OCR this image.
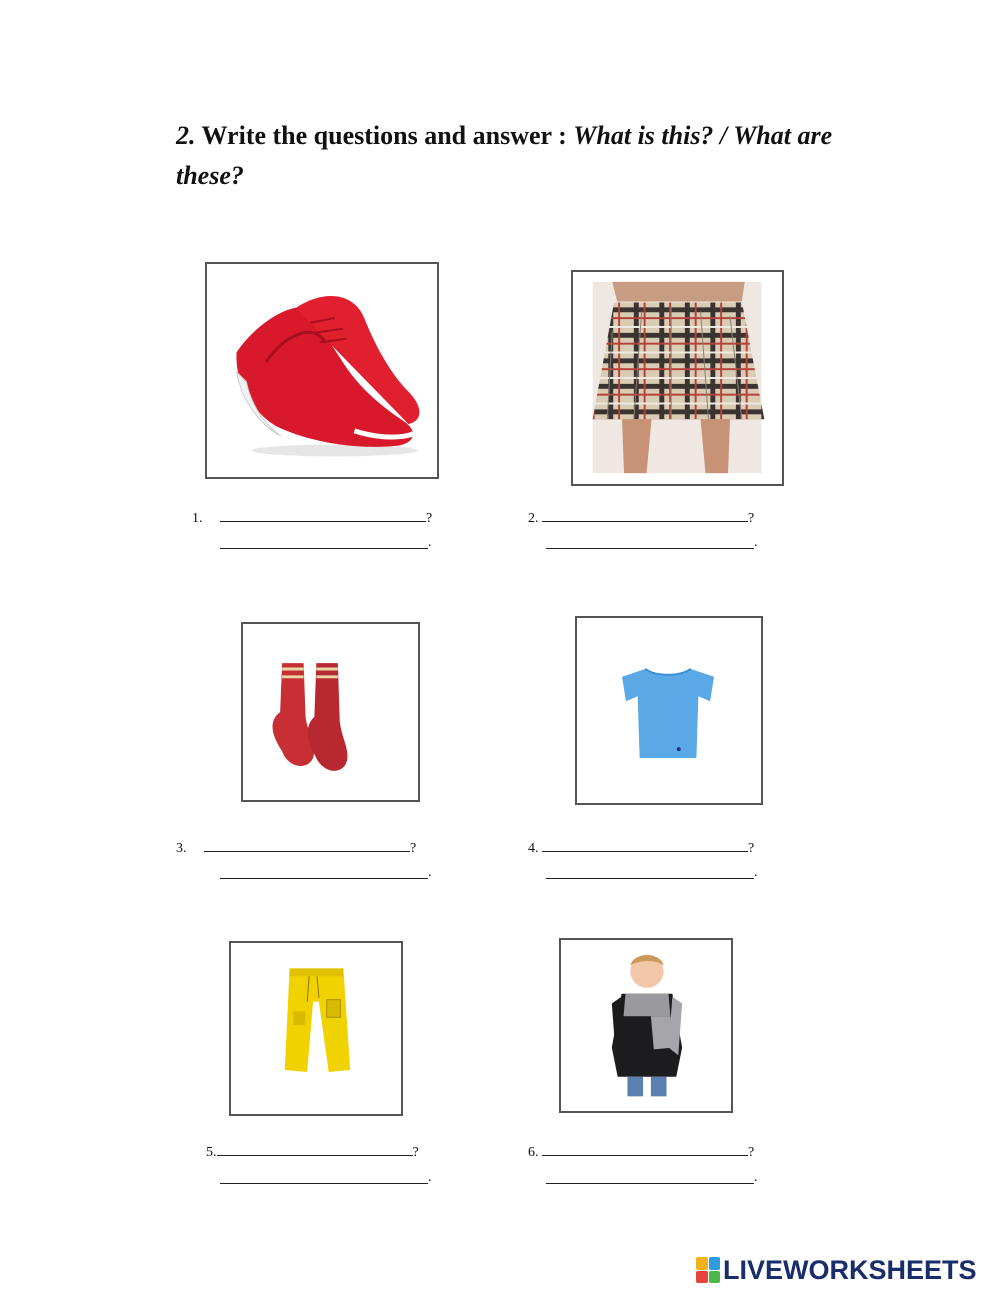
2. Write the questions and answer : What is this? / What are these?
1.	?
.
2.	?
.
3.	?
.
4.	?
.
5.	?
.
6.	?
.
LIVEWORKSHEETS
